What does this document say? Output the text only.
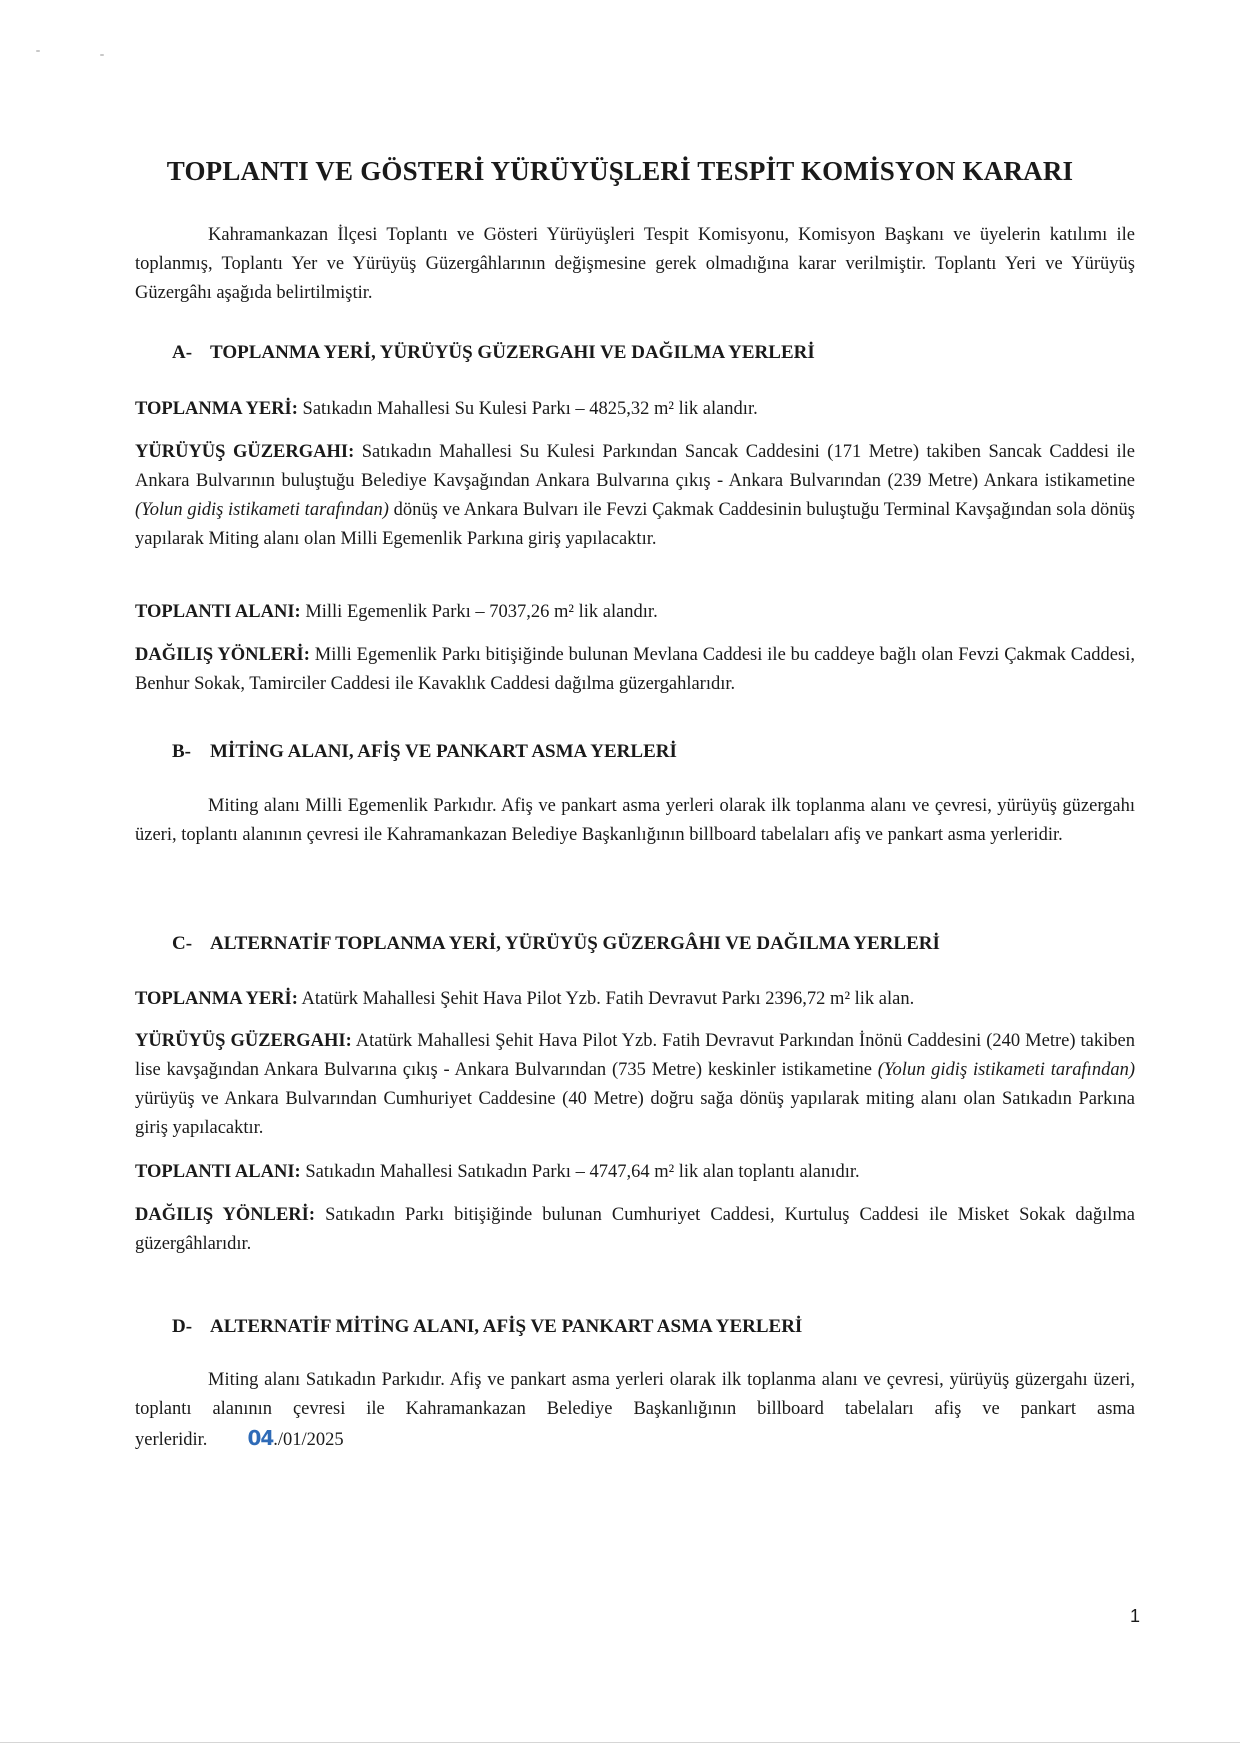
TOPLANTI VE GÖSTERİ YÜRÜYÜŞLERİ TESPİT KOMİSYON KARARI

Kahramankazan İlçesi Toplantı ve Gösteri Yürüyüşleri Tespit Komisyonu, Komisyon Başkanı ve üyelerin katılımı ile toplanmış, Toplantı Yer ve Yürüyüş Güzergâhlarının değişmesine gerek olmadığına karar verilmiştir. Toplantı Yeri ve Yürüyüş Güzergâhı aşağıda belirtilmiştir.

A- TOPLANMA YERİ, YÜRÜYÜŞ GÜZERGAHI VE DAĞILMA YERLERİ

TOPLANMA YERİ: Satıkadın Mahallesi Su Kulesi Parkı – 4825,32 m² lik alandır.

YÜRÜYÜŞ GÜZERGAHI: Satıkadın Mahallesi Su Kulesi Parkından Sancak Caddesini (171 Metre) takiben Sancak Caddesi ile Ankara Bulvarının buluştuğu Belediye Kavşağından Ankara Bulvarına çıkış - Ankara Bulvarından (239 Metre) Ankara istikametine (Yolun gidiş istikameti tarafından) dönüş ve Ankara Bulvarı ile Fevzi Çakmak Caddesinin buluştuğu Terminal Kavşağından sola dönüş yapılarak Miting alanı olan Milli Egemenlik Parkına giriş yapılacaktır.

TOPLANTI ALANI: Milli Egemenlik Parkı – 7037,26 m² lik alandır.

DAĞILIŞ YÖNLERİ: Milli Egemenlik Parkı bitişiğinde bulunan Mevlana Caddesi ile bu caddeye bağlı olan Fevzi Çakmak Caddesi, Benhur Sokak, Tamirciler Caddesi ile Kavaklık Caddesi dağılma güzergahlarıdır.

B- MİTİNG ALANI, AFİŞ VE PANKART ASMA YERLERİ

Miting alanı Milli Egemenlik Parkıdır. Afiş ve pankart asma yerleri olarak ilk toplanma alanı ve çevresi, yürüyüş güzergahı üzeri, toplantı alanının çevresi ile Kahramankazan Belediye Başkanlığının billboard tabelaları afiş ve pankart asma yerleridir.

C- ALTERNATİF TOPLANMA YERİ, YÜRÜYÜŞ GÜZERGÂHI VE DAĞILMA YERLERİ

TOPLANMA YERİ: Atatürk Mahallesi Şehit Hava Pilot Yzb. Fatih Devravut Parkı 2396,72 m² lik alan.

YÜRÜYÜŞ GÜZERGAHI: Atatürk Mahallesi Şehit Hava Pilot Yzb. Fatih Devravut Parkından İnönü Caddesini (240 Metre) takiben lise kavşağından Ankara Bulvarına çıkış - Ankara Bulvarından (735 Metre) keskinler istikametine (Yolun gidiş istikameti tarafından) yürüyüş ve Ankara Bulvarından Cumhuriyet Caddesine (40 Metre) doğru sağa dönüş yapılarak miting alanı olan Satıkadın Parkına giriş yapılacaktır.

TOPLANTI ALANI: Satıkadın Mahallesi Satıkadın Parkı – 4747,64 m² lik alan toplantı alanıdır.

DAĞILIŞ YÖNLERİ: Satıkadın Parkı bitişiğinde bulunan Cumhuriyet Caddesi, Kurtuluş Caddesi ile Misket Sokak dağılma güzergâhlarıdır.

D- ALTERNATİF MİTİNG ALANI, AFİŞ VE PANKART ASMA YERLERİ

Miting alanı Satıkadın Parkıdır. Afiş ve pankart asma yerleri olarak ilk toplanma alanı ve çevresi, yürüyüş güzergahı üzeri, toplantı alanının çevresi ile Kahramankazan Belediye Başkanlığının billboard tabelaları afiş ve pankart asma yerleridir. 04./01/2025

1
